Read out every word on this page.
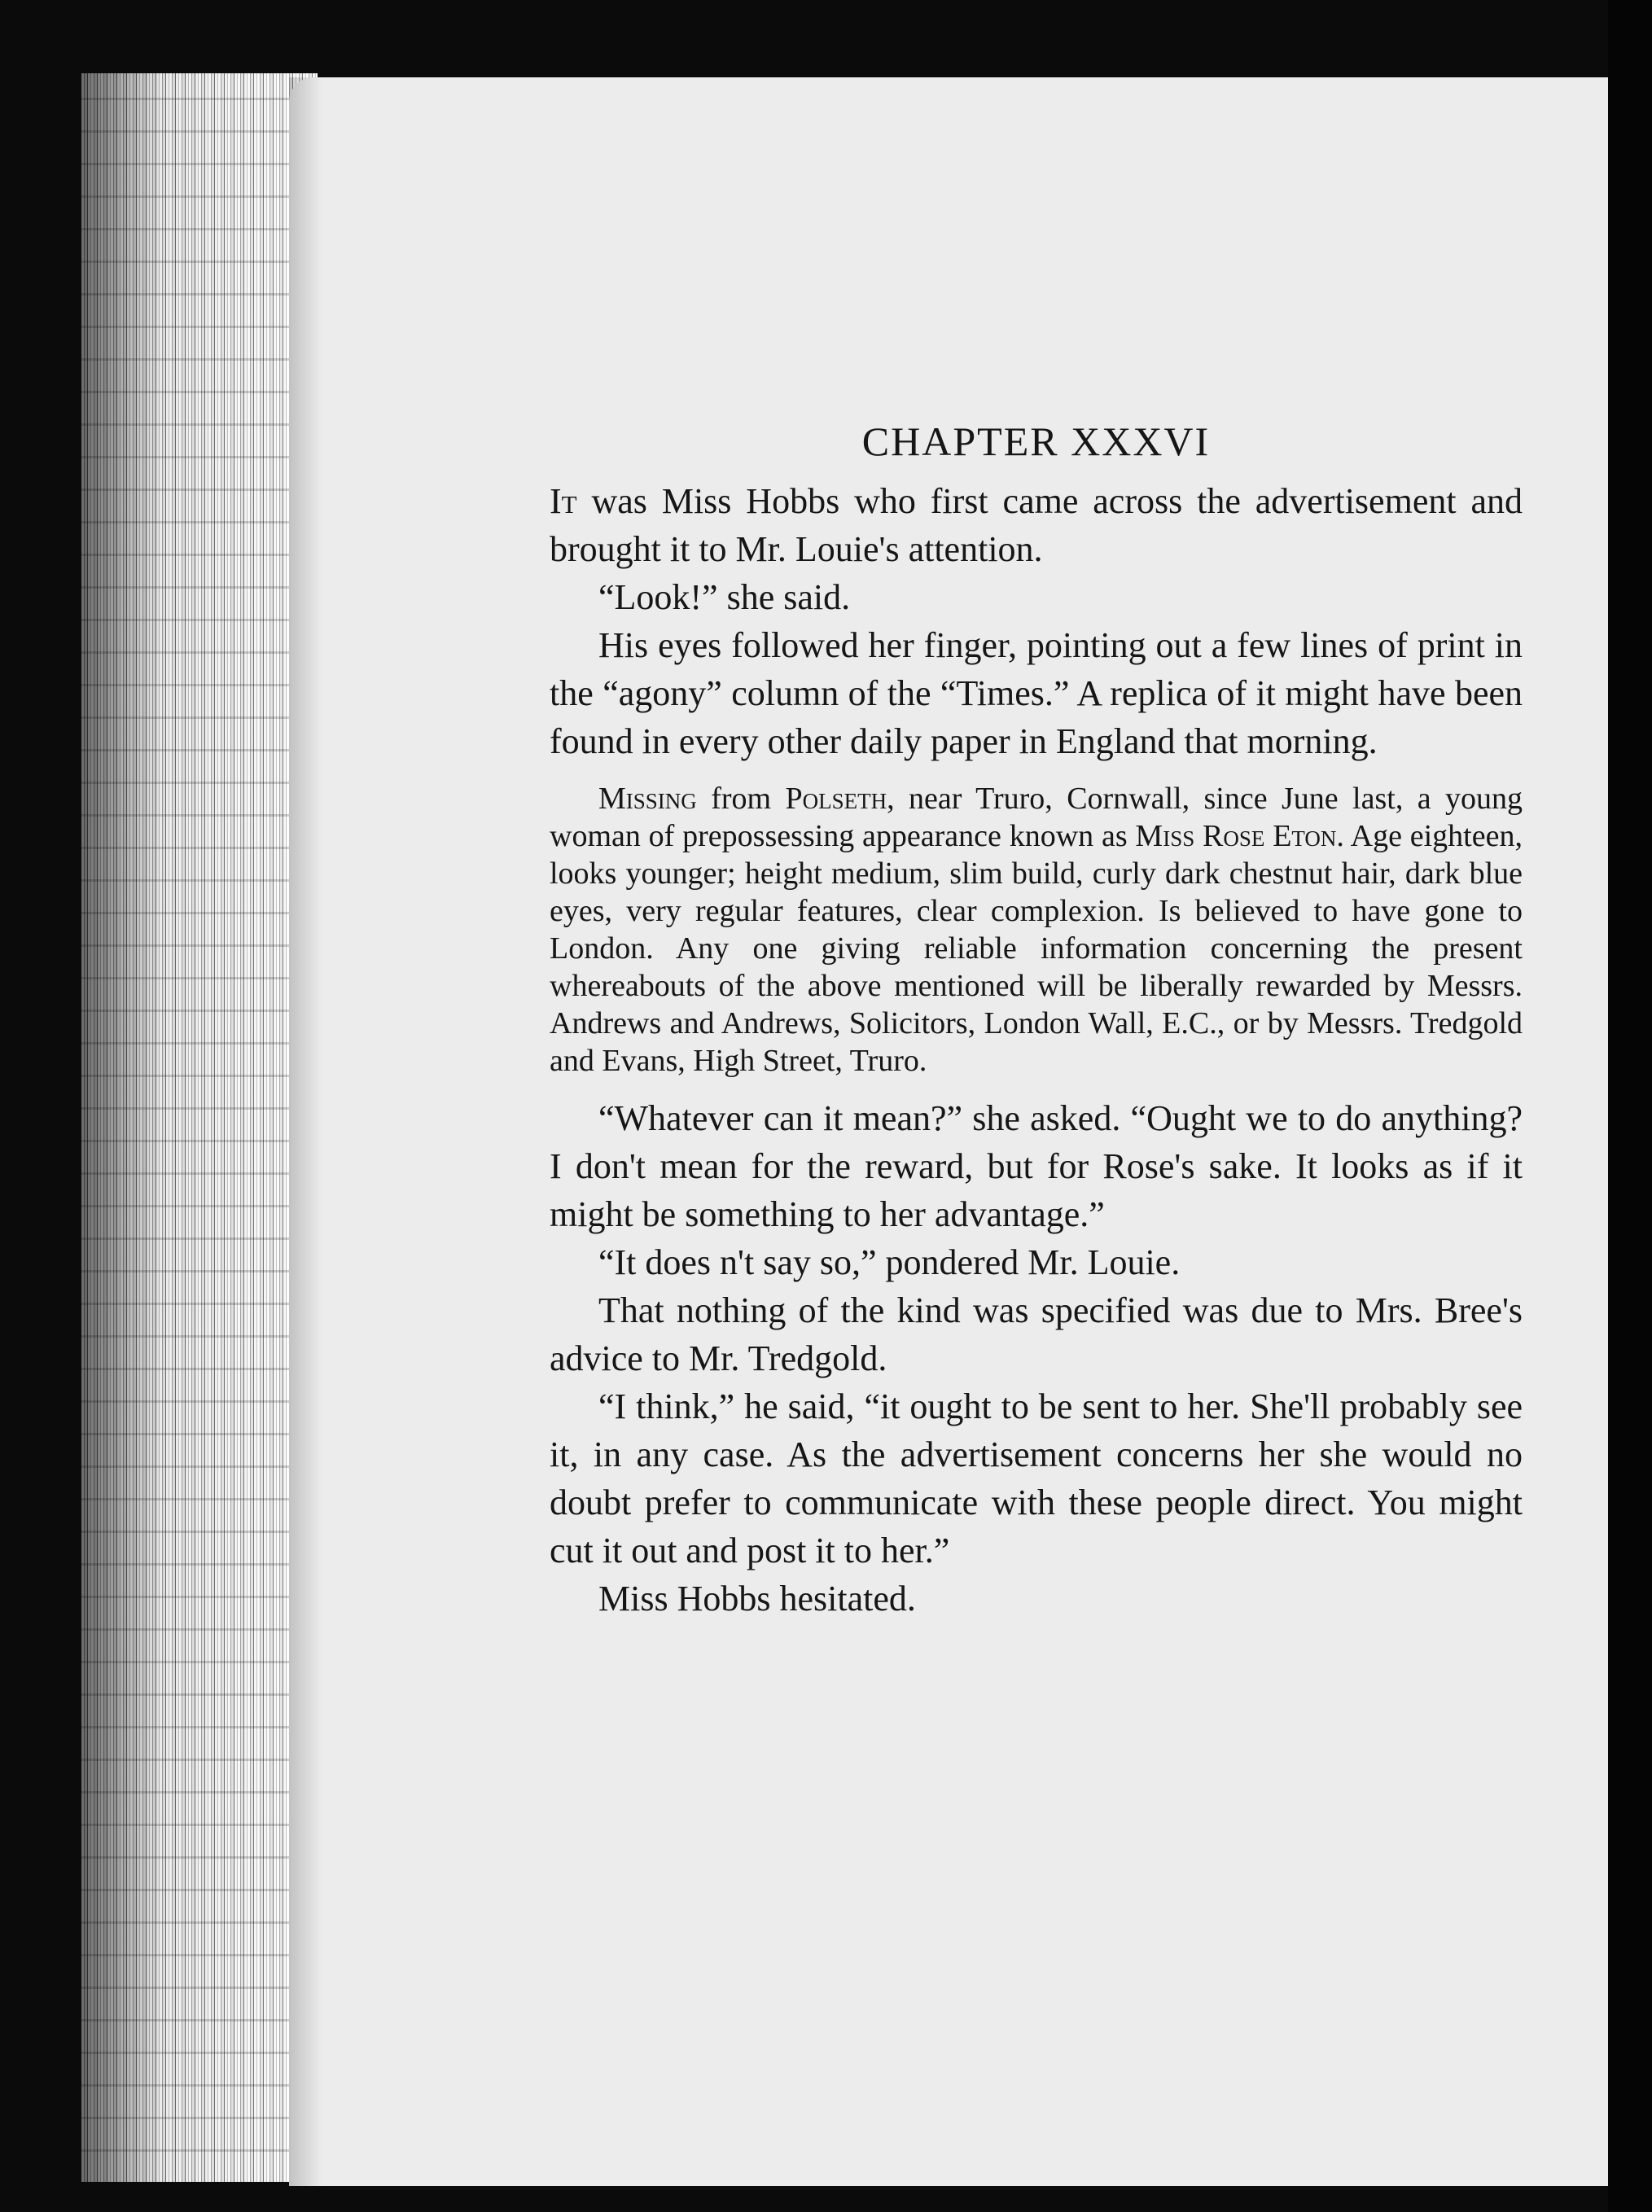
CHAPTER XXXVI

It was Miss Hobbs who first came across the advertisement and brought it to Mr. Louie's attention.

“Look!” she said.

His eyes followed her finger, pointing out a few lines of print in the “agony” column of the “Times.” A replica of it might have been found in every other daily paper in England that morning.

Missing from Polseth, near Truro, Cornwall, since June last, a young woman of prepossessing appearance known as Miss Rose Eton. Age eighteen, looks younger; height medium, slim build, curly dark chestnut hair, dark blue eyes, very regular features, clear complexion. Is believed to have gone to London. Any one giving reliable information concerning the present whereabouts of the above mentioned will be liberally rewarded by Messrs. Andrews and Andrews, Solicitors, London Wall, E.C., or by Messrs. Tredgold and Evans, High Street, Truro.

“Whatever can it mean?” she asked. “Ought we to do anything? I don't mean for the reward, but for Rose's sake. It looks as if it might be something to her advantage.”

“It does n't say so,” pondered Mr. Louie.

That nothing of the kind was specified was due to Mrs. Bree's advice to Mr. Tredgold.

“I think,” he said, “it ought to be sent to her. She'll probably see it, in any case. As the advertisement concerns her she would no doubt prefer to communicate with these people direct. You might cut it out and post it to her.”

Miss Hobbs hesitated.
